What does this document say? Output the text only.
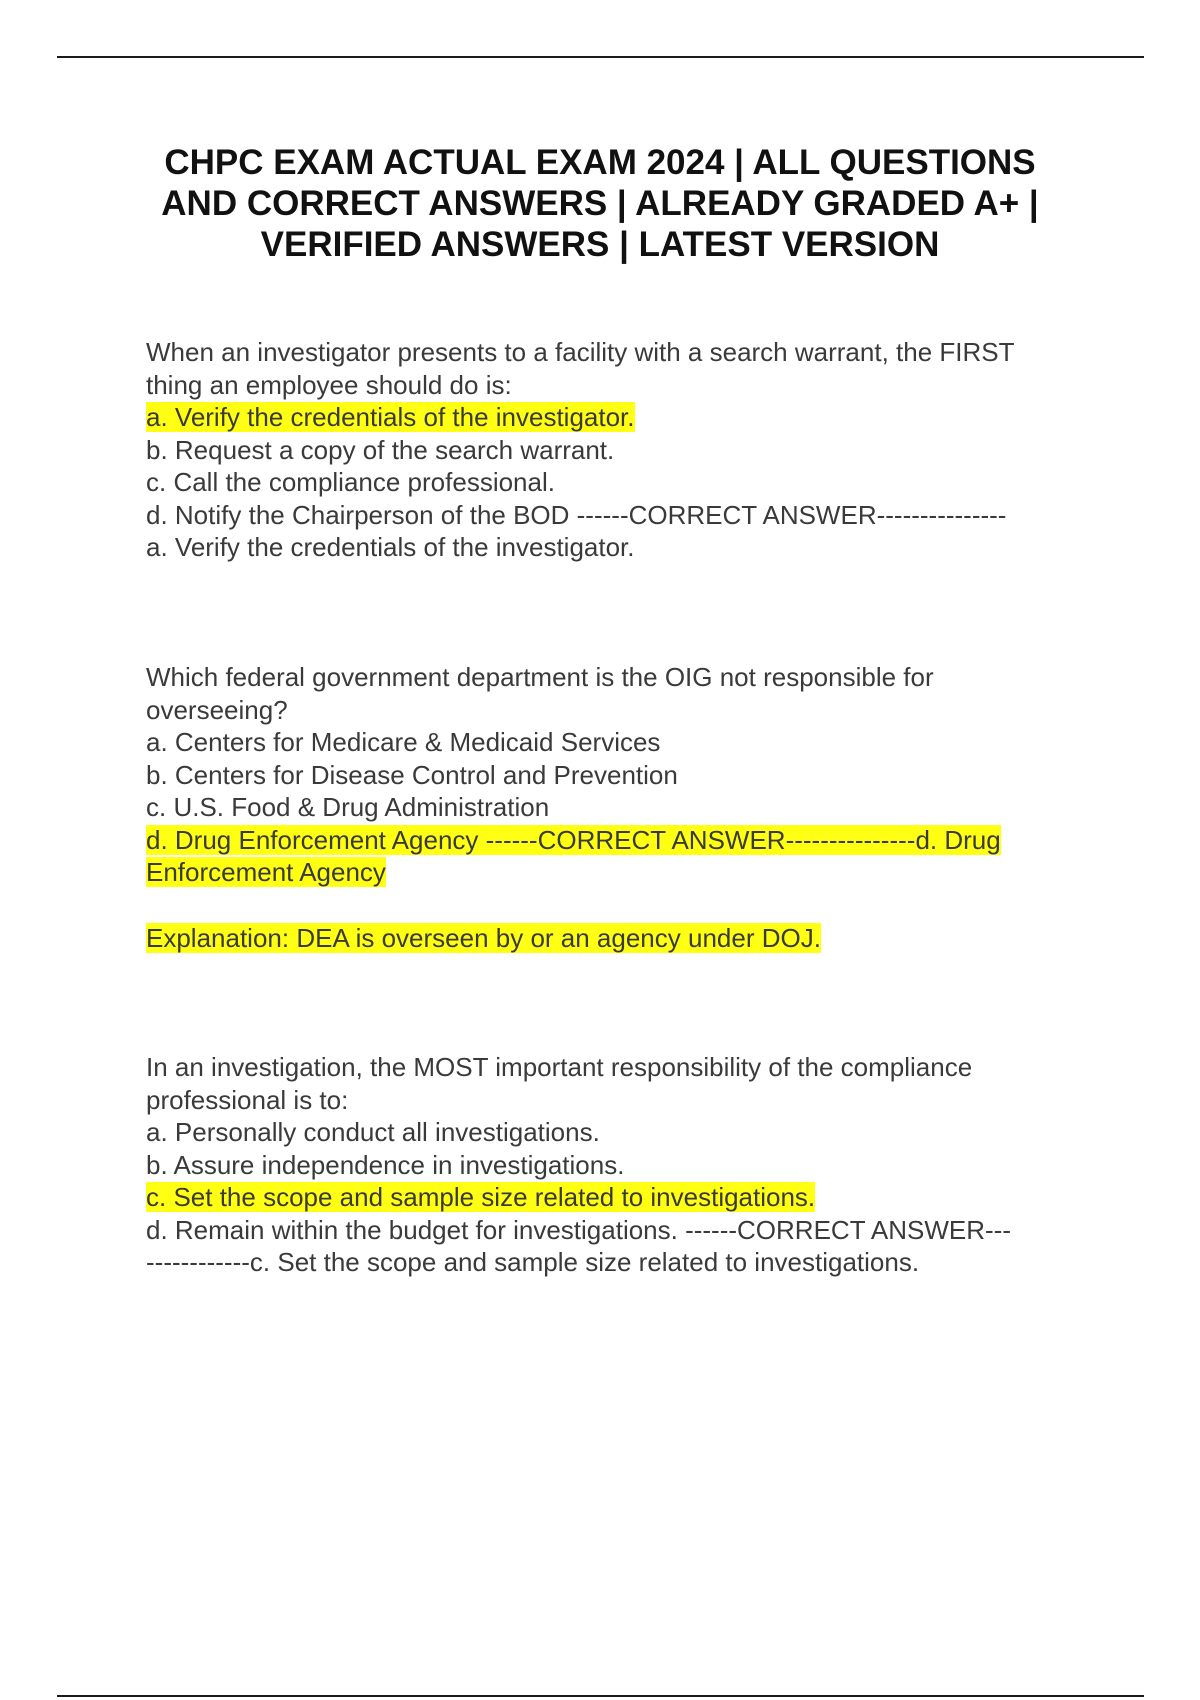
CHPC EXAM ACTUAL EXAM 2024 | ALL QUESTIONS
AND CORRECT ANSWERS | ALREADY GRADED A+ |
VERIFIED ANSWERS | LATEST VERSION
When an investigator presents to a facility with a search warrant, the FIRST
thing an employee should do is:
a. Verify the credentials of the investigator.
b. Request a copy of the search warrant.
c. Call the compliance professional.
d. Notify the Chairperson of the BOD ------CORRECT ANSWER---------------
a. Verify the credentials of the investigator.
Which federal government department is the OIG not responsible for
overseeing?
a. Centers for Medicare & Medicaid Services
b. Centers for Disease Control and Prevention
c. U.S. Food & Drug Administration
d. Drug Enforcement Agency ------CORRECT ANSWER---------------d. Drug
Enforcement Agency
Explanation: DEA is overseen by or an agency under DOJ.
In an investigation, the MOST important responsibility of the compliance
professional is to:
a. Personally conduct all investigations.
b. Assure independence in investigations.
c. Set the scope and sample size related to investigations.
d. Remain within the budget for investigations. ------CORRECT ANSWER---
------------c. Set the scope and sample size related to investigations.
